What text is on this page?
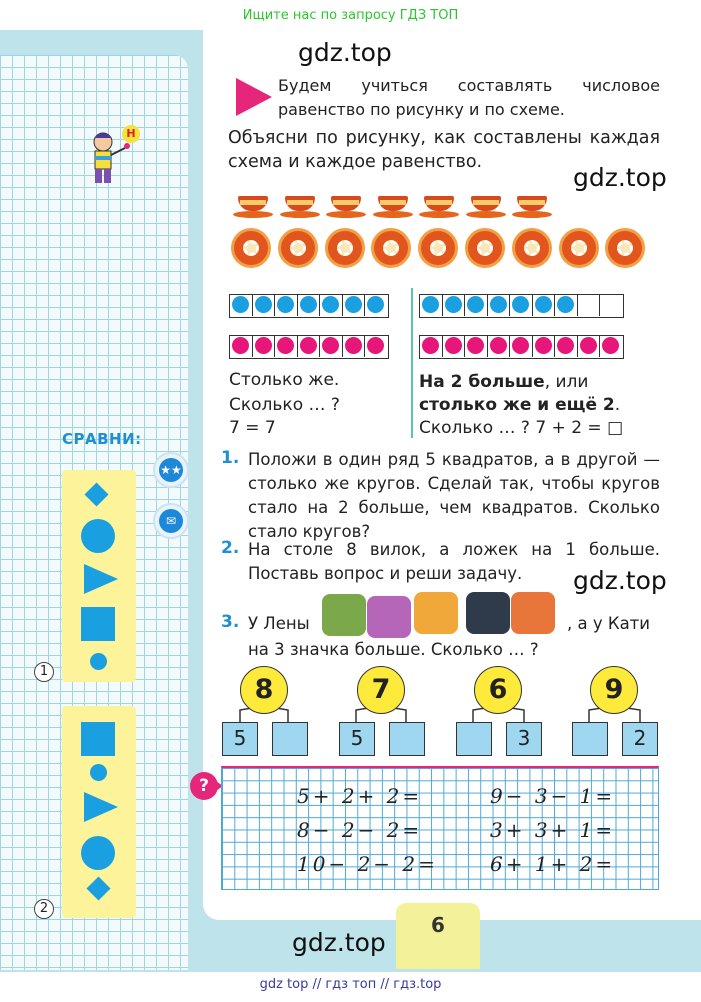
Ищите нас по запросу ГДЗ ТОП
gdz.top
gdz.top
gdz.top
gdz.top
Н
СРАВНИ:
★★
✉
1
2
Будем учиться составлять числовое равенство по рисунку и по схеме.
Объясни по рисунку, как составлены каждая схема и каждое равенство.
Столько же.
Сколько … ?
7 = 7
На 2 больше, или
столько же и ещё 2.
Сколько … ? 7 + 2 = □
1. Положи в один ряд 5 квадратов, а в другой — столько же кругов. Сделай так, чтобы кругов стало на 2 больше, чем квадратов. Сколько стало кругов?
2. На столе 8 вилок, а ложек на 1 больше. Поставь вопрос и реши задачу.
3. У Лены	, а у Кати
на 3 значка больше. Сколько … ?
8
5
7
5
6
3
9
2
?	5+ 2+ 2=
8− 2− 2=
10− 2− 2=
9− 3− 1=
3+ 3+ 1=
6+ 1+ 2=
6
gdz top // гдз топ // гдз.top
